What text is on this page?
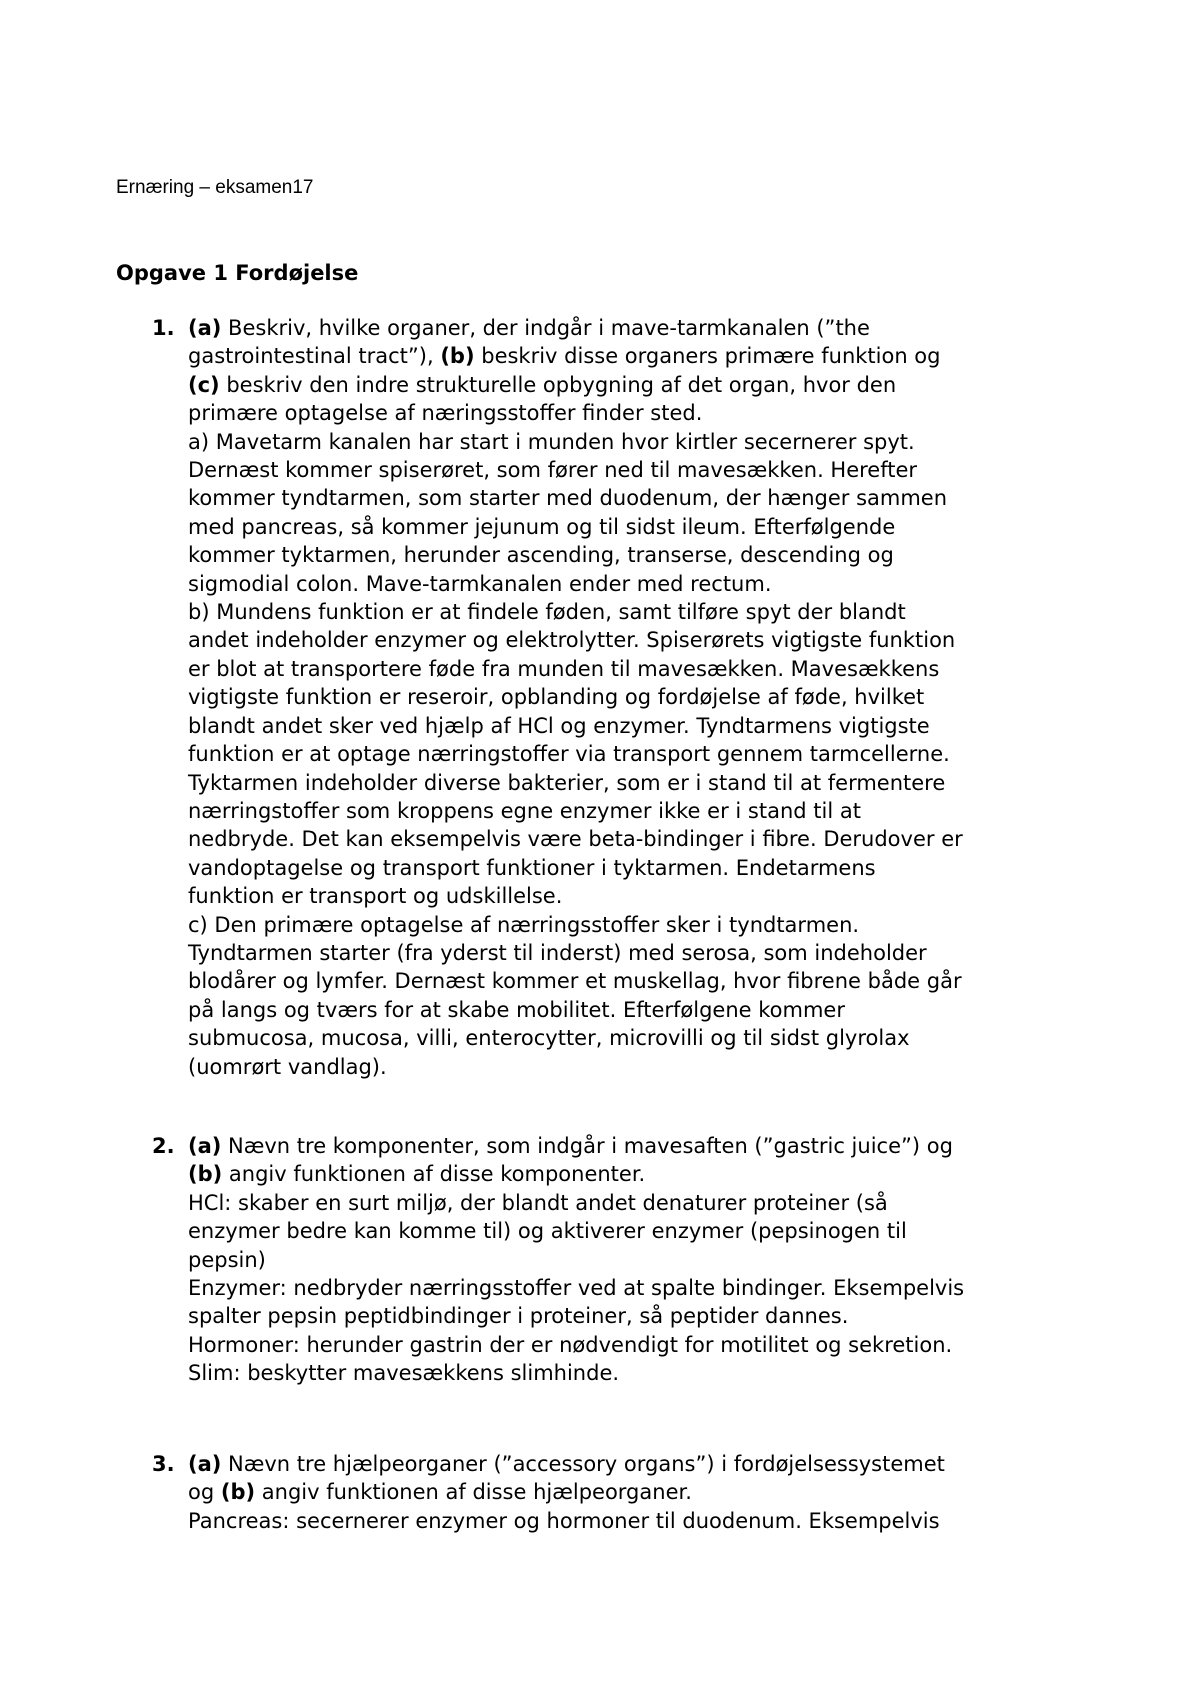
Ernæring – eksamen17
Opgave 1 Fordøjelse
1. (a) Beskriv, hvilke organer, der indgår i mave-tarmkanalen (”the
gastrointestinal tract”), (b) beskriv disse organers primære funktion og
(c) beskriv den indre strukturelle opbygning af det organ, hvor den
primære optagelse af næringsstoffer finder sted.
a) Mavetarm kanalen har start i munden hvor kirtler secernerer spyt.
Dernæst kommer spiserøret, som fører ned til mavesækken. Herefter
kommer tyndtarmen, som starter med duodenum, der hænger sammen
med pancreas, så kommer jejunum og til sidst ileum. Efterfølgende
kommer tyktarmen, herunder ascending, transerse, descending og
sigmodial colon. Mave-tarmkanalen ender med rectum.
b) Mundens funktion er at findele føden, samt tilføre spyt der blandt
andet indeholder enzymer og elektrolytter. Spiserørets vigtigste funktion
er blot at transportere føde fra munden til mavesækken. Mavesækkens
vigtigste funktion er reseroir, opblanding og fordøjelse af føde, hvilket
blandt andet sker ved hjælp af HCl og enzymer. Tyndtarmens vigtigste
funktion er at optage nærringstoffer via transport gennem tarmcellerne.
Tyktarmen indeholder diverse bakterier, som er i stand til at fermentere
nærringstoffer som kroppens egne enzymer ikke er i stand til at
nedbryde. Det kan eksempelvis være beta-bindinger i fibre. Derudover er
vandoptagelse og transport funktioner i tyktarmen. Endetarmens
funktion er transport og udskillelse.
c) Den primære optagelse af nærringsstoffer sker i tyndtarmen.
Tyndtarmen starter (fra yderst til inderst) med serosa, som indeholder
blodårer og lymfer. Dernæst kommer et muskellag, hvor fibrene både går
på langs og tværs for at skabe mobilitet. Efterfølgene kommer
submucosa, mucosa, villi, enterocytter, microvilli og til sidst glyrolax
(uomrørt vandlag).
2. (a) Nævn tre komponenter, som indgår i mavesaften (”gastric juice”) og
(b) angiv funktionen af disse komponenter.
HCl: skaber en surt miljø, der blandt andet denaturer proteiner (så
enzymer bedre kan komme til) og aktiverer enzymer (pepsinogen til
pepsin)
Enzymer: nedbryder nærringsstoffer ved at spalte bindinger. Eksempelvis
spalter pepsin peptidbindinger i proteiner, så peptider dannes.
Hormoner: herunder gastrin der er nødvendigt for motilitet og sekretion.
Slim: beskytter mavesækkens slimhinde.
3. (a) Nævn tre hjælpeorganer (”accessory organs”) i fordøjelsessystemet
og (b) angiv funktionen af disse hjælpeorganer.
Pancreas: secernerer enzymer og hormoner til duodenum. Eksempelvis
